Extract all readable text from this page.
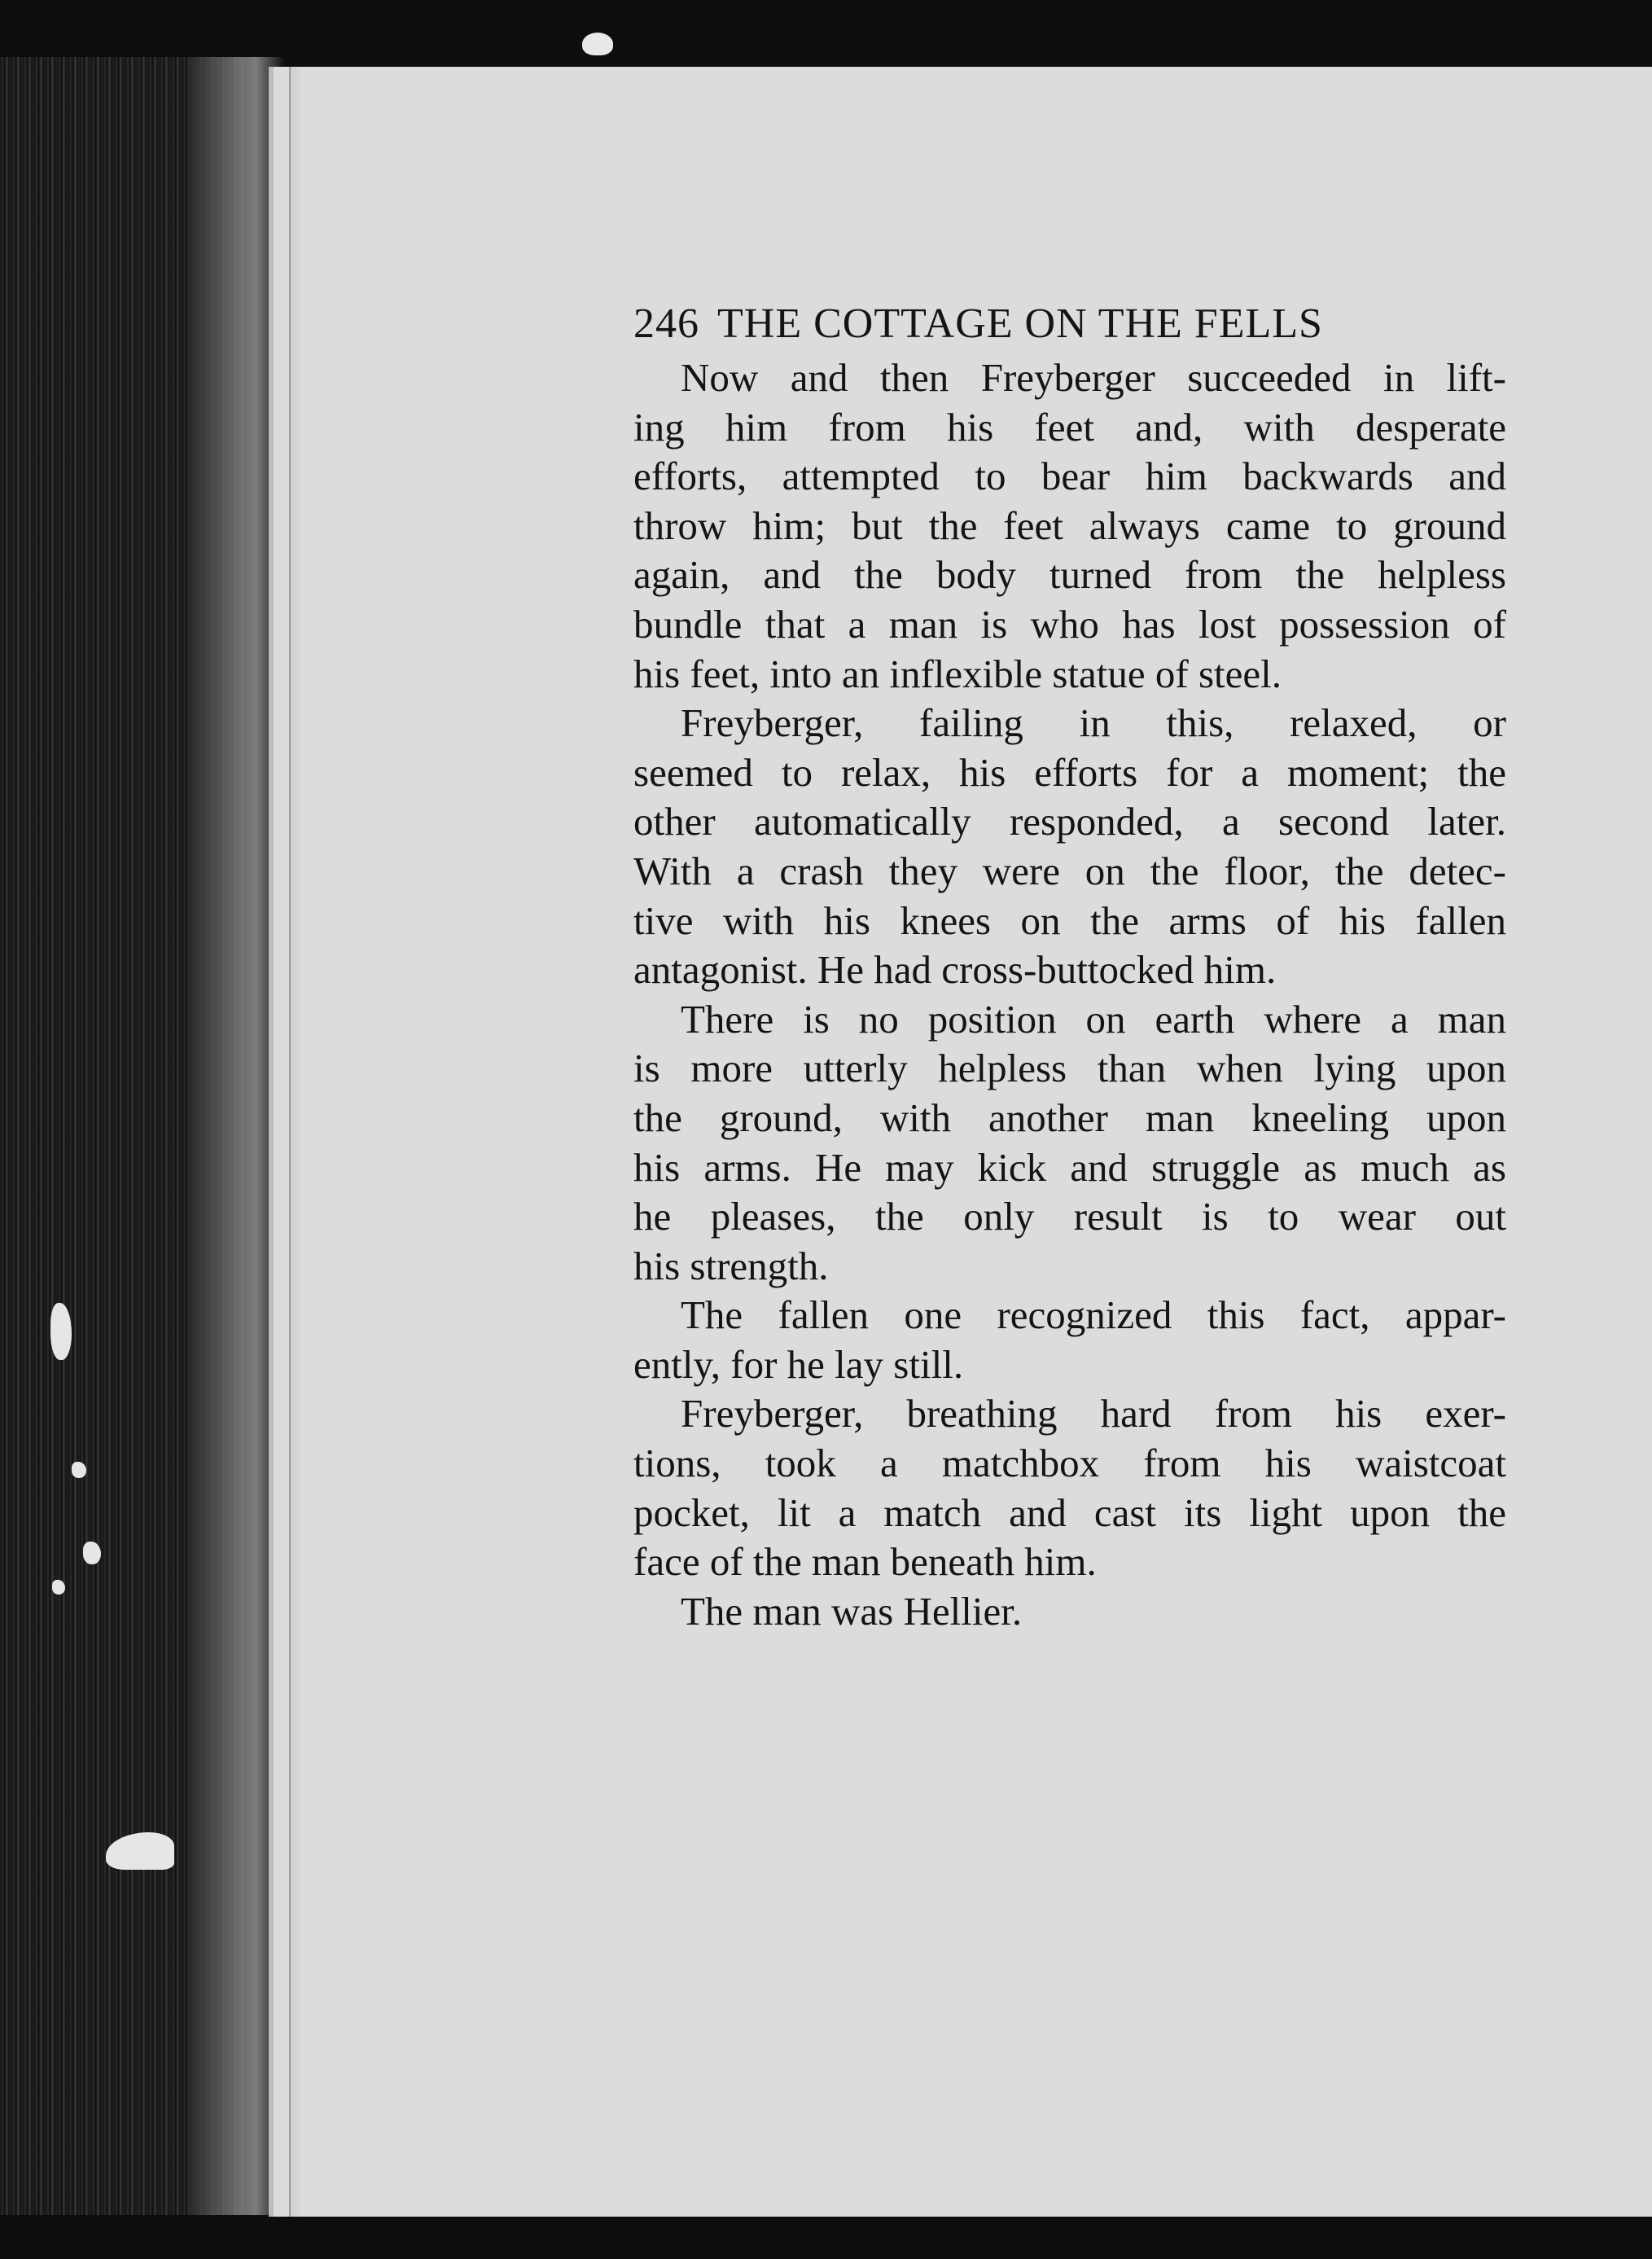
246 THE COTTAGE ON THE FELLS
Now and then Freyberger succeeded in lift-
ing him from his feet and, with desperate
efforts, attempted to bear him backwards and
throw him; but the feet always came to ground
again, and the body turned from the helpless
bundle that a man is who has lost possession of
his feet, into an inflexible statue of steel.
Freyberger, failing in this, relaxed, or
seemed to relax, his efforts for a moment; the
other automatically responded, a second later.
With a crash they were on the floor, the detec-
tive with his knees on the arms of his fallen
antagonist. He had cross-buttocked him.
There is no position on earth where a man
is more utterly helpless than when lying upon
the ground, with another man kneeling upon
his arms. He may kick and struggle as much as
he pleases, the only result is to wear out
his strength.
The fallen one recognized this fact, appar-
ently, for he lay still.
Freyberger, breathing hard from his exer-
tions, took a matchbox from his waistcoat
pocket, lit a match and cast its light upon the
face of the man beneath him.
The man was Hellier.
